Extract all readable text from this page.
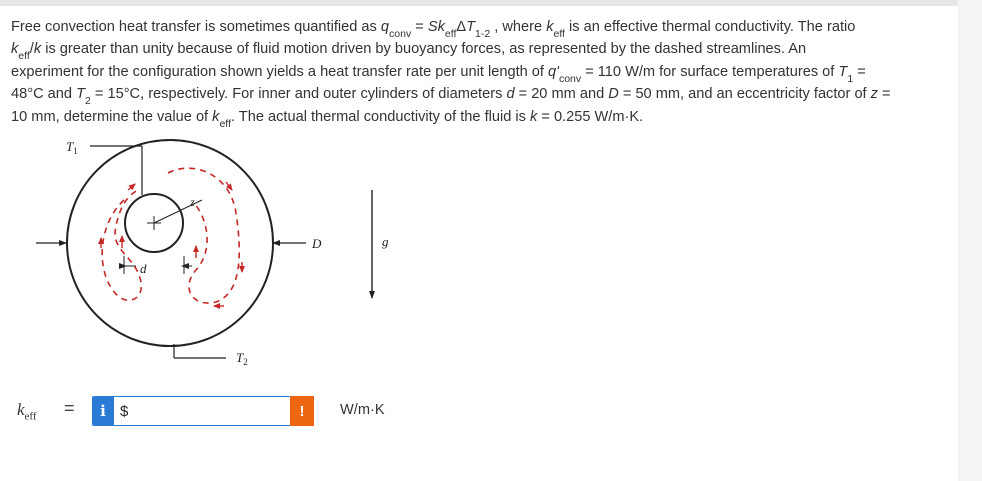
Free convection heat transfer is sometimes quantified as $q_{conv} = Sk_{eff}\Delta T_{1-2}$ , where $k_{eff}$ is an effective thermal conductivity. The ratio
$k_{eff}/k$ is greater than unity because of fluid motion driven by buoyancy forces, as represented by the dashed streamlines. An
experiment for the configuration shown yields a heat transfer rate per unit length of $q'_{conv} = 110$ W/m for surface temperatures of $T_1$ =
48°C and $T_2 = 15^\circ C$, respectively. For inner and outer cylinders of diameters d = 20 mm and D = 50 mm, and an eccentricity factor of z =
10 mm, determine the value of $k_{eff}$. The actual thermal conductivity of the fluid is k = 0.255 W/m·K.
z
d
D
$T_1$
$T_2$
g
$k_{eff}$ =	i
$	!	W/m·K
